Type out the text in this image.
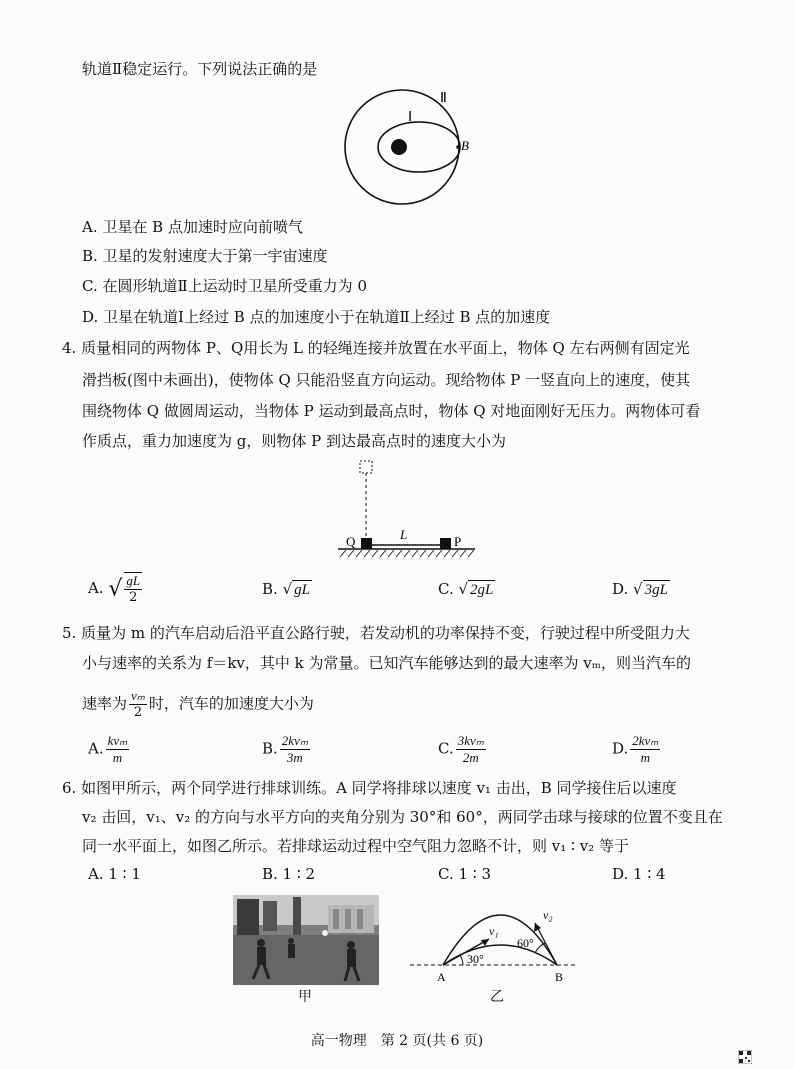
轨道Ⅱ稳定运行。下列说法正确的是
Ⅰ
Ⅱ
B
A. 卫星在 B 点加速时应向前喷气
B. 卫星的发射速度大于第一宇宙速度
C. 在圆形轨道Ⅱ上运动时卫星所受重力为 0
D. 卫星在轨道Ⅰ上经过 B 点的加速度小于在轨道Ⅱ上经过 B 点的加速度
4. 质量相同的两物体 P、Q用长为 L 的轻绳连接并放置在水平面上，物体 Q 左右两侧有固定光
滑挡板(图中未画出)，使物体 Q 只能沿竖直方向运动。现给物体 P 一竖直向上的速度，使其
围绕物体 Q 做圆周运动，当物体 P 运动到最高点时，物体 Q 对地面刚好无压力。两物体可看
作质点，重力加速度为 g，则物体 P 到达最高点时的速度大小为
Q	L	P
A. √ $\frac{gL}{2}$	B. √ gL	C. √ 2gL	D. √ 3gL
5. 质量为 m 的汽车启动后沿平直公路行驶，若发动机的功率保持不变，行驶过程中所受阻力大
小与速率的关系为 f＝kv，其中 k 为常量。已知汽车能够达到的最大速率为 vₘ，则当汽车的
速率为 $\frac{\text{vₘ}}{2}$ 时，汽车的加速度大小为
A. $\frac{\text{kvₘ}}{m}$	B. $\frac{\text{2kvₘ}}{3m}$	C. $\frac{\text{3kvₘ}}{2m}$	D. $\frac{\text{2kvₘ}}{m}$
6. 如图甲所示，两个同学进行排球训练。A 同学将排球以速度 v₁ 击出，B 同学接住后以速度
v₂ 击回，v₁、v₂ 的方向与水平方向的夹角分别为 30°和 60°，两同学击球与接球的位置不变且在
同一水平面上，如图乙所示。若排球运动过程中空气阻力忽略不计，则 v₁ ∶ v₂ 等于
A. 1 ∶ 1	B. 1 ∶ 2	C. 1 ∶ 3	D. 1 ∶ 4
甲
v₁
v₂
30°
60°
A	B
乙
高一物理　第 2 页(共 6 页)
